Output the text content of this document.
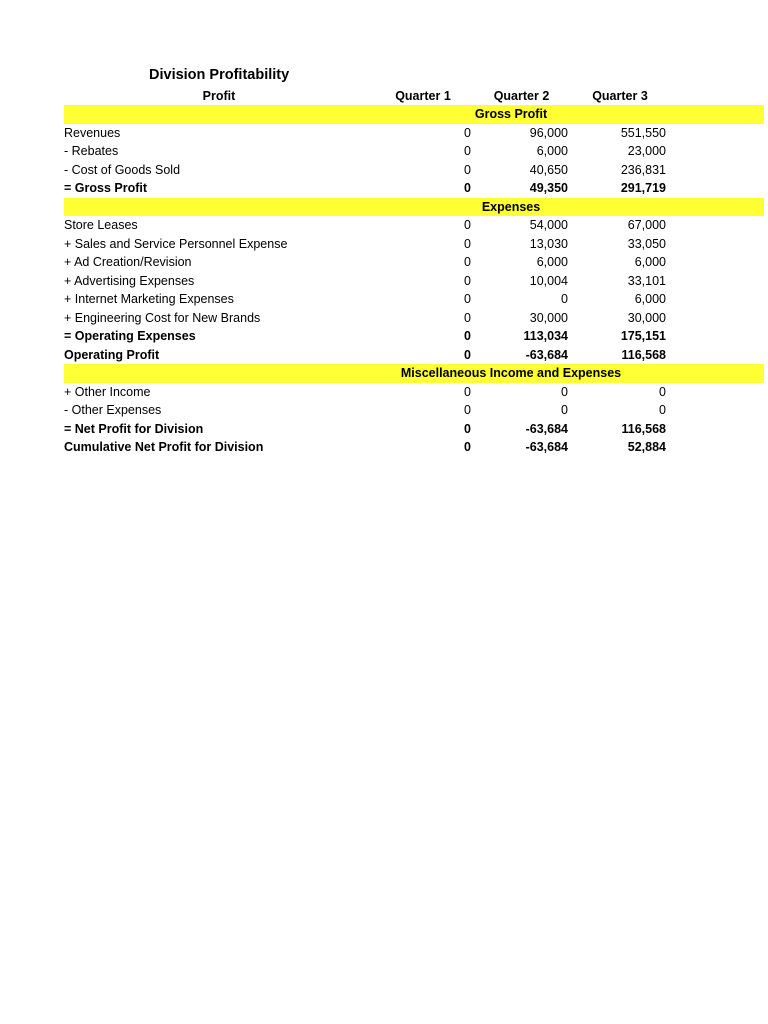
Division Profitability
Profit	Quarter 1	Quarter 2	Quarter 3
Gross Profit
Revenues	0	96,000	551,550
- Rebates	0	6,000	23,000
- Cost of Goods Sold	0	40,650	236,831
= Gross Profit	0	49,350	291,719
Expenses
Store Leases	0	54,000	67,000
+ Sales and Service Personnel Expense	0	13,030	33,050
+ Ad Creation/Revision	0	6,000	6,000
+ Advertising Expenses	0	10,004	33,101
+ Internet Marketing Expenses	0	0	6,000
+ Engineering Cost for New Brands	0	30,000	30,000
= Operating Expenses	0	113,034	175,151
Operating Profit	0	-63,684	116,568
Miscellaneous Income and Expenses
+ Other Income	0	0	0
- Other Expenses	0	0	0
= Net Profit for Division	0	-63,684	116,568
Cumulative Net Profit for Division	0	-63,684	52,884
